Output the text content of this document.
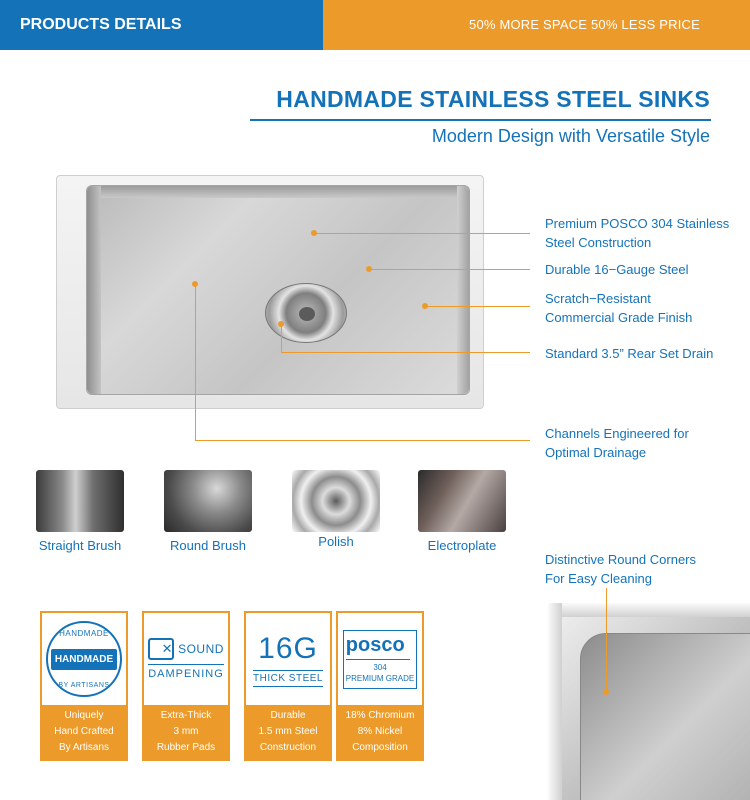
PRODUCTS DETAILS	50% MORE SPACE 50% LESS PRICE
HANDMADE STAINLESS STEEL SINKS
Modern Design with Versatile Style
Premium POSCO 304 Stainless Steel Construction
Durable 16−Gauge Steel
Scratch−Resistant Commercial Grade Finish
Standard 3.5” Rear Set Drain
Channels Engineered for Optimal Drainage
Distinctive Round Corners For Easy Cleaning
Straight Brush	Round Brush	Polish	Electroplate
HANDMADE
HANDMADE
BY ARTISANS
Uniquely
Hand Crafted
By Artisans
✕
SOUND
DAMPENING
Extra-Thick
3 mm
Rubber Pads
16G
THICK STEEL
Durable
1.5 mm Steel
Construction
posco
304
PREMIUM GRADE
18% Chromium
8% Nickel
Composition
